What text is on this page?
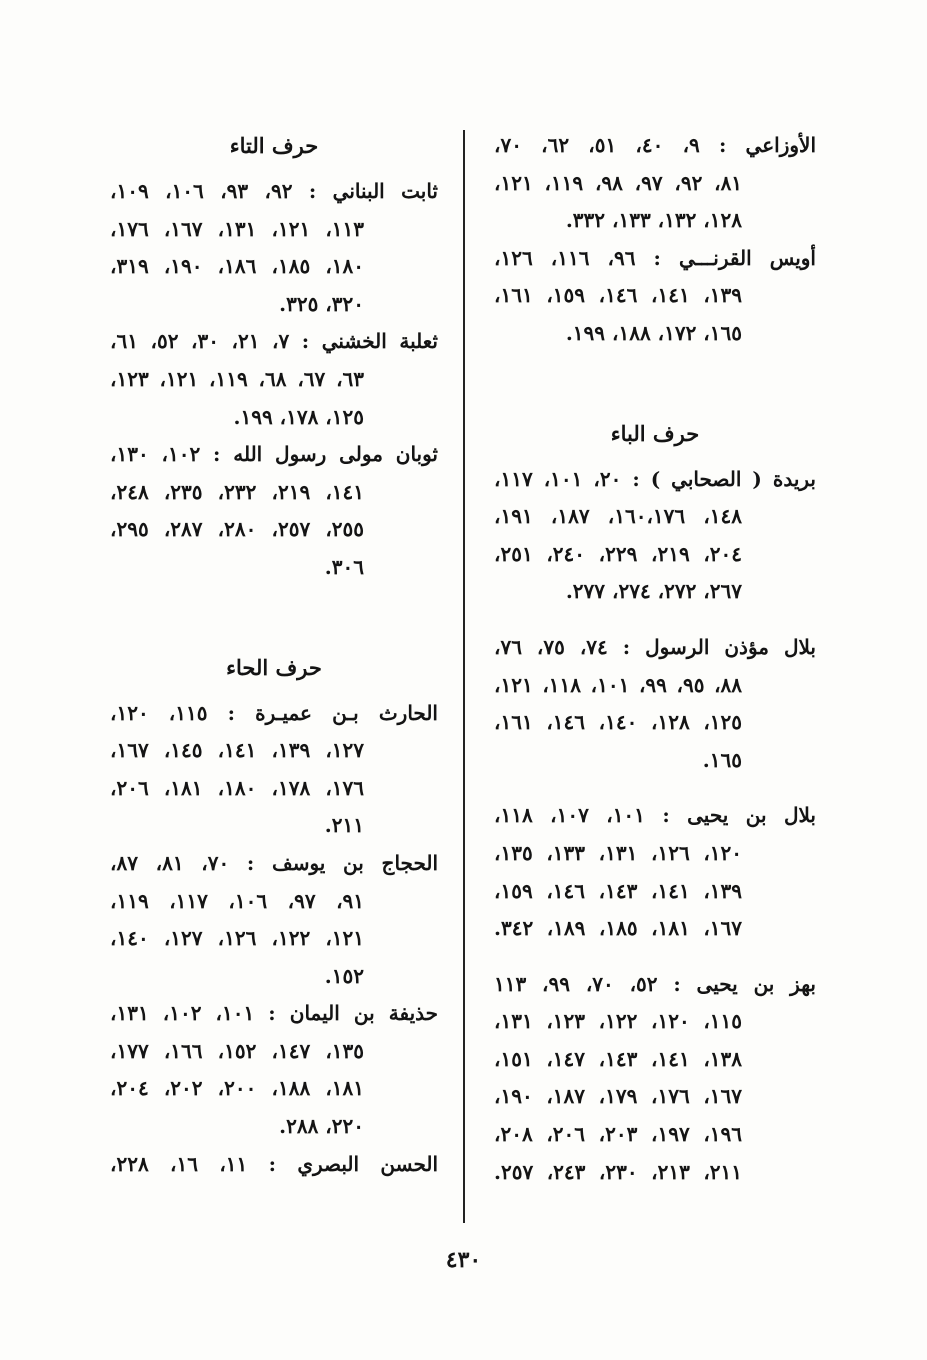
الأوزاعي : ٩، ٤٠، ٥١، ٦٢، ٧٠،
٨١، ٩٢، ٩٧، ٩٨، ١١٩، ١٢١،
١٢٨، ١٣٢، ١٣٣، ٣٣٢.
أويس القرنـــي : ٩٦، ١١٦، ١٢٦،
١٣٩، ١٤١، ١٤٦، ١٥٩، ١٦١،
١٦٥، ١٧٢، ١٨٨، ١٩٩.
حرف الباء
بريدة ( الصحابي ) : ٢٠، ١٠١، ١١٧،
١٤٨، ١٦٠،١٧٦، ١٨٧، ١٩١،
٢٠٤، ٢١٩، ٢٢٩، ٢٤٠، ٢٥١،
٢٦٧، ٢٧٢، ٢٧٤، ٢٧٧.
بلال مؤذن الرسول : ٧٤، ٧٥، ٧٦،
٨٨، ٩٥، ٩٩، ١٠١، ١١٨، ١٢١،
١٢٥، ١٢٨، ١٤٠، ١٤٦، ١٦١،
١٦٥.
بلال بن يحيى : ١٠١، ١٠٧، ١١٨،
١٢٠، ١٢٦، ١٣١، ١٣٣، ١٣٥،
١٣٩، ١٤١، ١٤٣، ١٤٦، ١٥٩،
١٦٧، ١٨١، ١٨٥، ١٨٩، ٣٤٢.
بهز بن يحيى : ٥٢، ٧٠، ٩٩، ١١٣
١١٥، ١٢٠، ١٢٢، ١٢٣، ١٣١،
١٣٨، ١٤١، ١٤٣، ١٤٧، ١٥١،
١٦٧، ١٧٦، ١٧٩، ١٨٧، ١٩٠،
١٩٦، ١٩٧، ٢٠٣، ٢٠٦، ٢٠٨،
٢١١، ٢١٣، ٢٣٠، ٢٤٣، ٢٥٧.
حرف التاء
ثابت البناني : ٩٢، ٩٣، ١٠٦، ١٠٩،
١١٣، ١٢١، ١٣١، ١٦٧، ١٧٦،
١٨٠، ١٨٥، ١٨٦، ١٩٠، ٣١٩،
٣٢٠، ٣٢٥.
ثعلبة الخشني : ٧، ٢١، ٣٠، ٥٢، ٦١،
٦٣، ٦٧، ٦٨، ١١٩، ١٢١، ١٢٣،
١٢٥، ١٧٨، ١٩٩.
ثوبان مولى رسول الله : ١٠٢، ١٣٠،
١٤١، ٢١٩، ٢٣٢، ٢٣٥، ٢٤٨،
٢٥٥، ٢٥٧، ٢٨٠، ٢٨٧، ٢٩٥،
٣٠٦.
حرف الحاء
الحارث بـن عميـرة : ١١٥، ١٢٠،
١٢٧، ١٣٩، ١٤١، ١٤٥، ١٦٧،
١٧٦، ١٧٨، ١٨٠، ١٨١، ٢٠٦،
٢١١.
الحجاج بن يوسف : ٧٠، ٨١، ٨٧،
٩١، ٩٧، ١٠٦، ١١٧، ١١٩،
١٢١، ١٢٢، ١٢٦، ١٢٧، ١٤٠،
١٥٢.
حذيفة بن اليمان : ١٠١، ١٠٢، ١٣١،
١٣٥، ١٤٧، ١٥٢، ١٦٦، ١٧٧،
١٨١، ١٨٨، ٢٠٠، ٢٠٢، ٢٠٤،
٢٢٠، ٢٨٨.
الحسن البصري : ١١، ١٦، ٢٢٨،
٤٣٠
